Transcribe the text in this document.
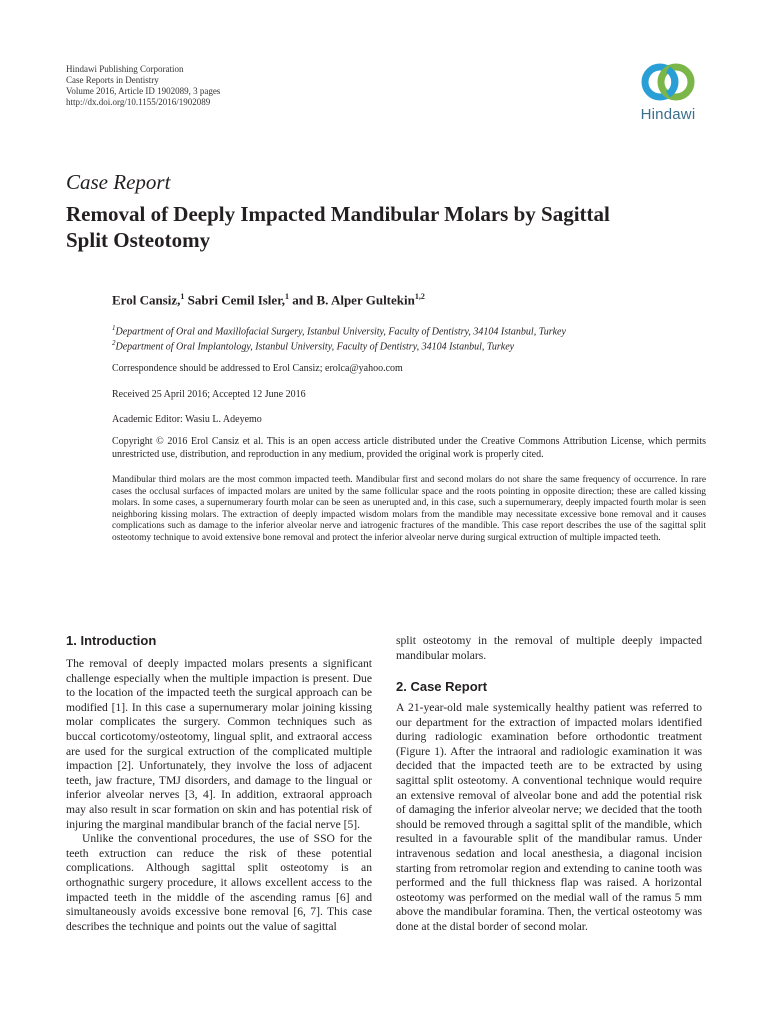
Hindawi Publishing Corporation
Case Reports in Dentistry
Volume 2016, Article ID 1902089, 3 pages
http://dx.doi.org/10.1155/2016/1902089
Hindawi
Case Report
Removal of Deeply Impacted Mandibular Molars by Sagittal Split Osteotomy
Erol Cansiz,$^1$ Sabri Cemil Isler,$^1$ and B. Alper Gultekin$^{1,2}$
$^1$Department of Oral and Maxillofacial Surgery, Istanbul University, Faculty of Dentistry, 34104 Istanbul, Turkey
$^2$Department of Oral Implantology, Istanbul University, Faculty of Dentistry, 34104 Istanbul, Turkey
Correspondence should be addressed to Erol Cansiz; erolca@yahoo.com
Received 25 April 2016; Accepted 12 June 2016
Academic Editor: Wasiu L. Adeyemo
Copyright © 2016 Erol Cansiz et al. This is an open access article distributed under the Creative Commons Attribution License, which permits unrestricted use, distribution, and reproduction in any medium, provided the original work is properly cited.
Mandibular third molars are the most common impacted teeth. Mandibular first and second molars do not share the same frequency of occurrence. In rare cases the occlusal surfaces of impacted molars are united by the same follicular space and the roots pointing in opposite direction; these are called kissing molars. In some cases, a supernumerary fourth molar can be seen as unerupted and, in this case, such a supernumerary, deeply impacted fourth molar is seen neighboring kissing molars. The extraction of deeply impacted wisdom molars from the mandible may necessitate excessive bone removal and it causes complications such as damage to the inferior alveolar nerve and iatrogenic fractures of the mandible. This case report describes the use of the sagittal split osteotomy technique to avoid extensive bone removal and protect the inferior alveolar nerve during surgical extruction of multiple impacted teeth.
1. Introduction

The removal of deeply impacted molars presents a significant challenge especially when the multiple impaction is present. Due to the location of the impacted teeth the surgical approach can be modified [1]. In this case a supernumerary molar joining kissing molar complicates the surgery. Common techniques such as buccal corticotomy/osteotomy, lingual split, and extraoral access are used for the surgical extruction of the complicated multiple impaction [2]. Unfortunately, they involve the loss of adjacent teeth, jaw fracture, TMJ disorders, and damage to the lingual or inferior alveolar nerves [3, 4]. In addition, extraoral approach may also result in scar formation on skin and has potential risk of injuring the marginal mandibular branch of the facial nerve [5].

Unlike the conventional procedures, the use of SSO for the teeth extruction can reduce the risk of these potential complications. Although sagittal split osteotomy is an orthognathic surgery procedure, it allows excellent access to the impacted teeth in the middle of the ascending ramus [6] and simultaneously avoids excessive bone removal [6, 7]. This case describes the technique and points out the value of sagittal

split osteotomy in the removal of multiple deeply impacted mandibular molars.

2. Case Report

A 21-year-old male systemically healthy patient was referred to our department for the extraction of impacted molars identified during radiologic examination before orthodontic treatment (Figure 1). After the intraoral and radiologic examination it was decided that the impacted teeth are to be extracted by using sagittal split osteotomy. A conventional technique would require an extensive removal of alveolar bone and add the potential risk of damaging the inferior alveolar nerve; we decided that the tooth should be removed through a sagittal split of the mandible, which resulted in a favourable split of the mandibular ramus. Under intravenous sedation and local anesthesia, a diagonal incision starting from retromolar region and extending to canine tooth was performed and the full thickness flap was raised. A horizontal osteotomy was performed on the medial wall of the ramus 5 mm above the mandibular foramina. Then, the vertical osteotomy was done at the distal border of second molar.
